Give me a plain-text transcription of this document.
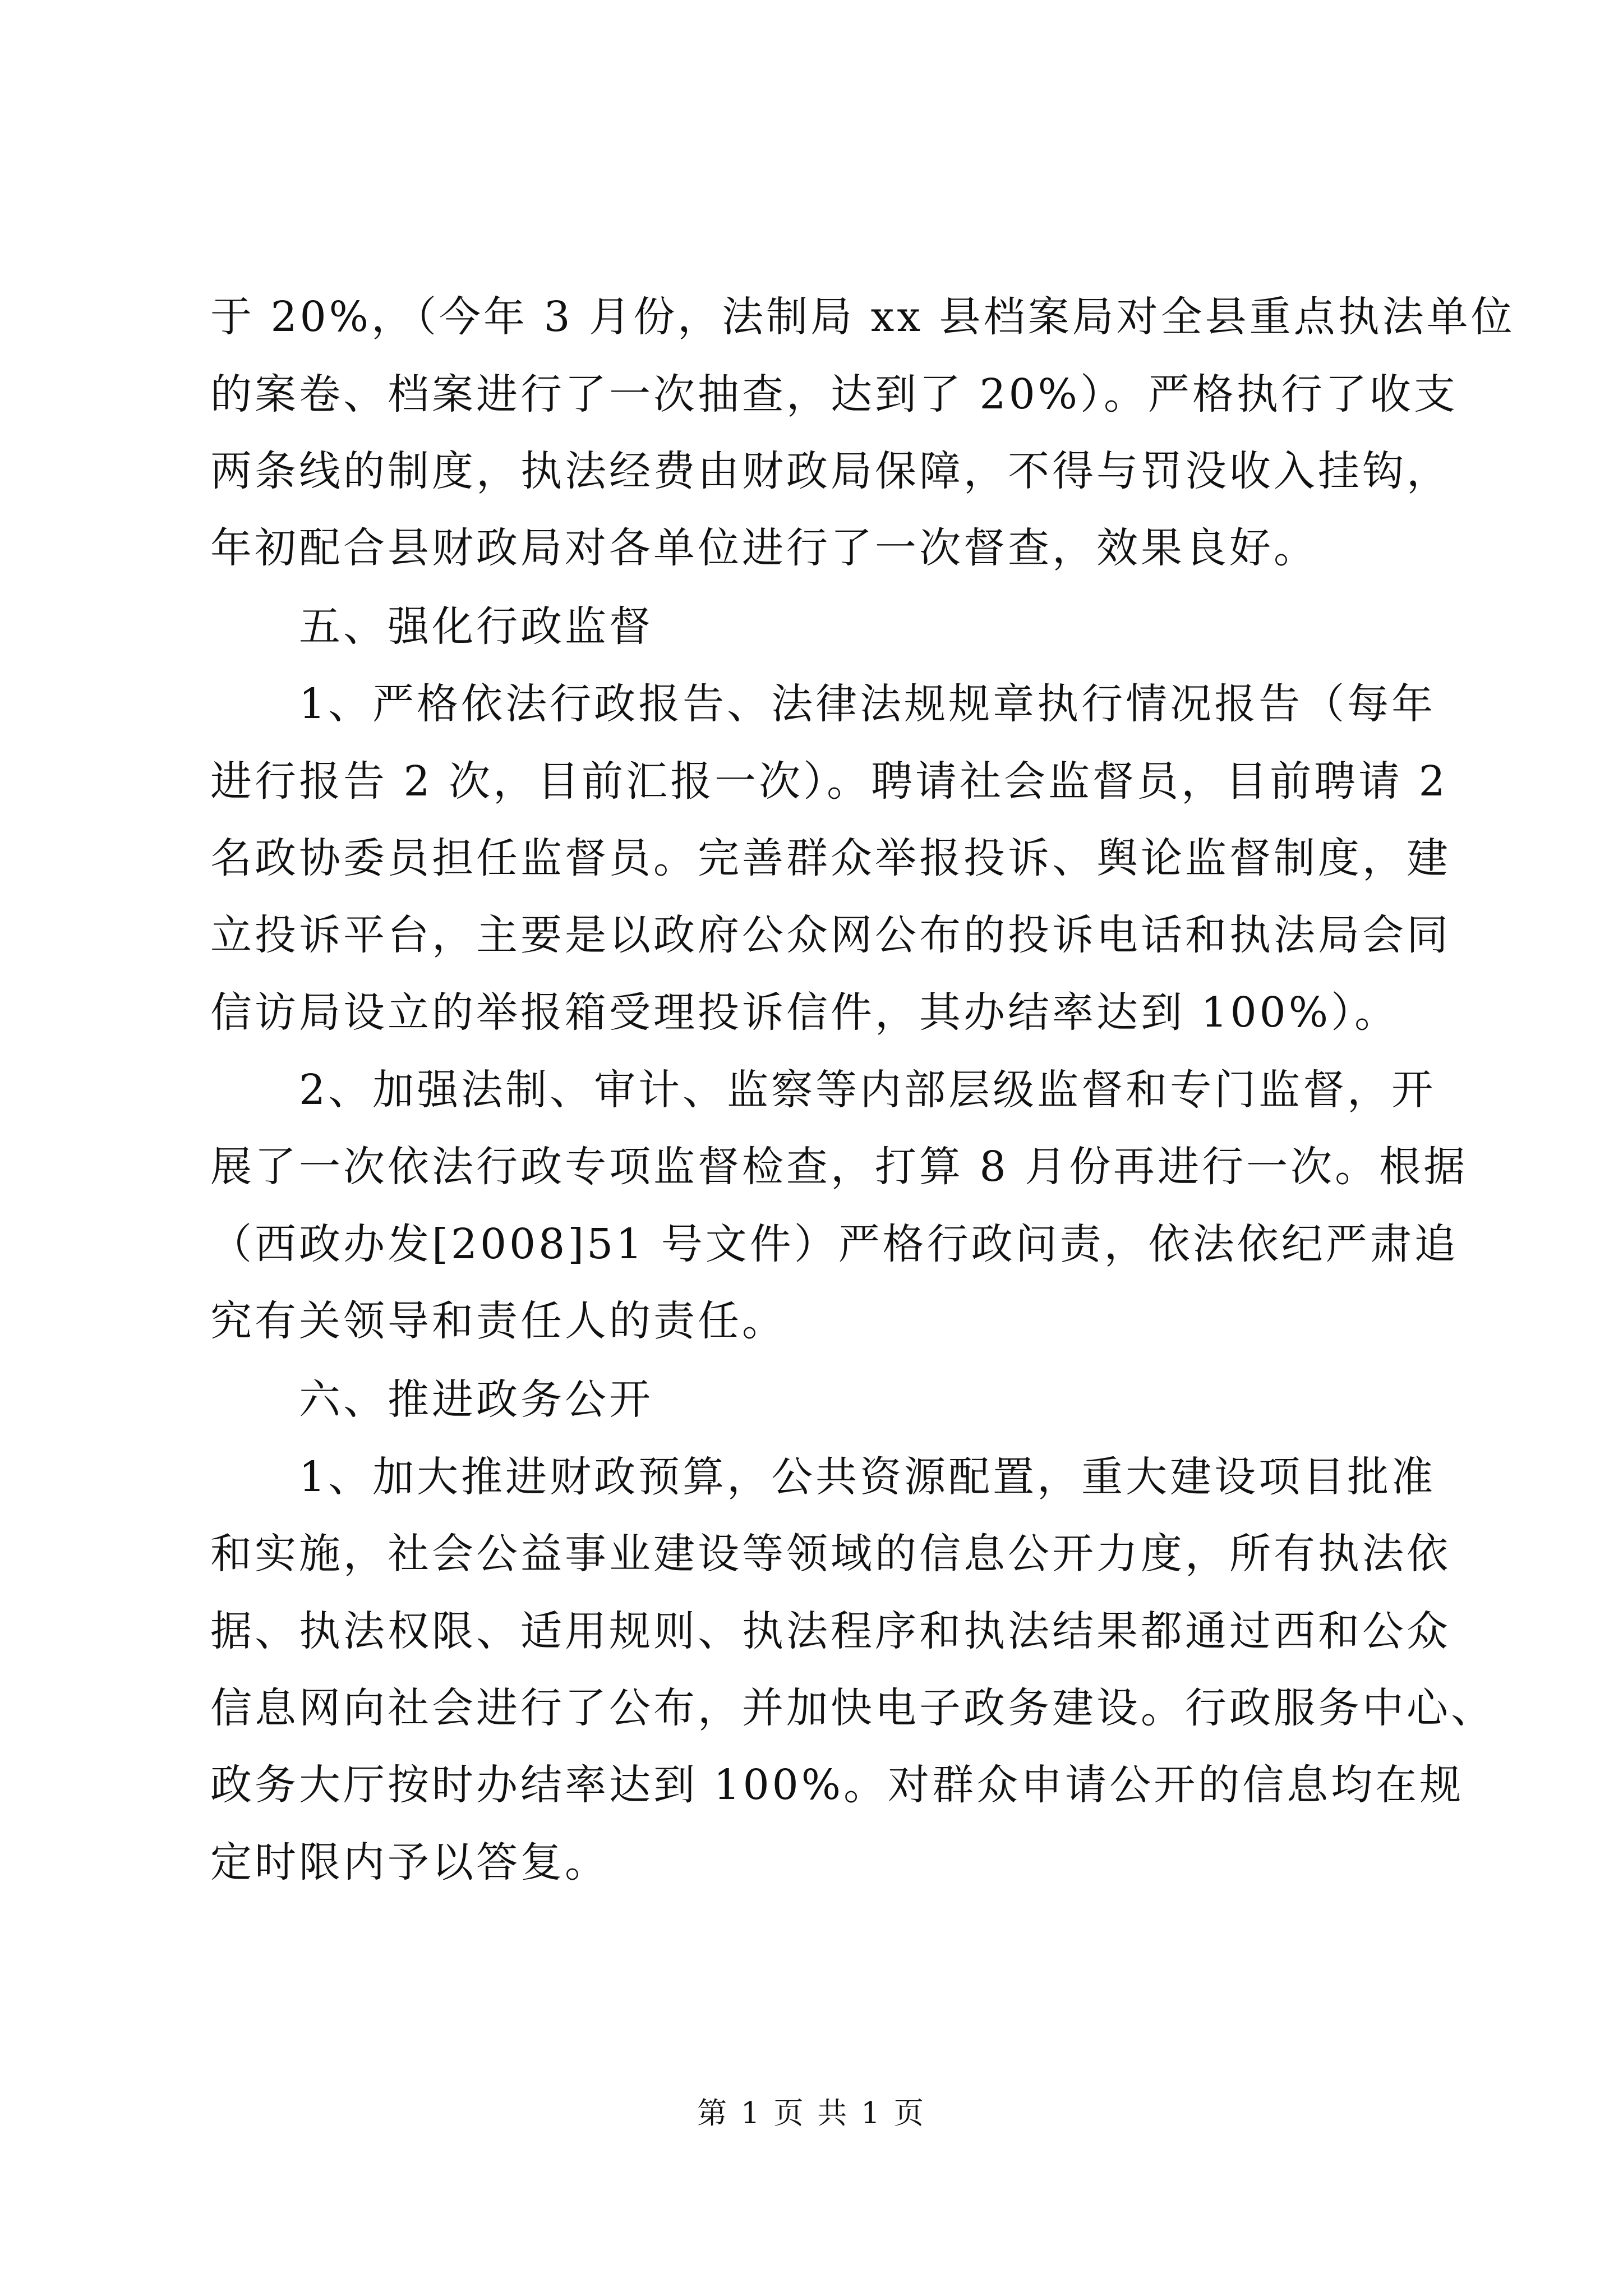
于 20%，（今年 3 月份，法制局 xx 县档案局对全县重点执法单位
的案卷、档案进行了一次抽查，达到了 20%）。严格执行了收支
两条线的制度，执法经费由财政局保障，不得与罚没收入挂钩，
年初配合县财政局对各单位进行了一次督查，效果良好。
五、强化行政监督
1、严格依法行政报告、法律法规规章执行情况报告（每年
进行报告 2 次，目前汇报一次）。聘请社会监督员，目前聘请 2
名政协委员担任监督员。完善群众举报投诉、舆论监督制度，建
立投诉平台，主要是以政府公众网公布的投诉电话和执法局会同
信访局设立的举报箱受理投诉信件，其办结率达到 100%）。
2、加强法制、审计、监察等内部层级监督和专门监督，开
展了一次依法行政专项监督检查，打算 8 月份再进行一次。根据
（西政办发[2008]51 号文件）严格行政问责，依法依纪严肃追
究有关领导和责任人的责任。
六、推进政务公开
1、加大推进财政预算，公共资源配置，重大建设项目批准
和实施，社会公益事业建设等领域的信息公开力度，所有执法依
据、执法权限、适用规则、执法程序和执法结果都通过西和公众
信息网向社会进行了公布，并加快电子政务建设。行政服务中心、
政务大厅按时办结率达到 100%。对群众申请公开的信息均在规
定时限内予以答复。
第 1 页 共 1 页
